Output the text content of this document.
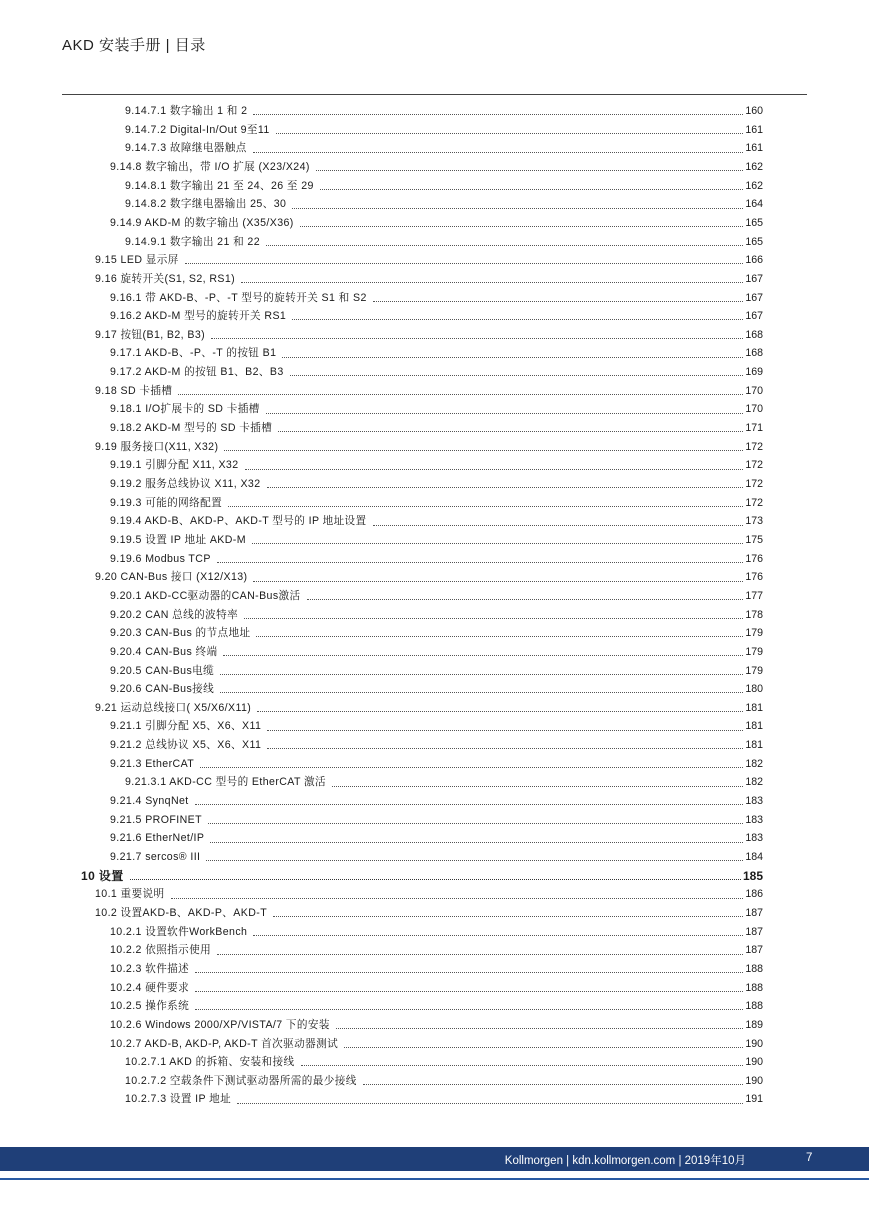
AKD 安装手册 | 目录
9.14.7.1 数字输出 1 和 2	160
9.14.7.2 Digital-In/Out 9至11	161
9.14.7.3 故障继电器触点	161
9.14.8 数字输出，带 I/O 扩展 (X23/X24)	162
9.14.8.1 数字输出 21 至 24、26 至 29	162
9.14.8.2 数字继电器输出 25、30	164
9.14.9 AKD-M 的数字输出 (X35/X36)	165
9.14.9.1 数字输出 21 和 22	165
9.15 LED 显示屏	166
9.16 旋转开关(S1, S2, RS1)	167
9.16.1 带 AKD-B、-P、-T 型号的旋转开关 S1 和 S2	167
9.16.2 AKD-M 型号的旋转开关 RS1	167
9.17 按钮(B1, B2, B3)	168
9.17.1 AKD-B、-P、-T 的按钮 B1	168
9.17.2 AKD-M 的按钮 B1、B2、B3	169
9.18 SD 卡插槽	170
9.18.1 I/O扩展卡的 SD 卡插槽	170
9.18.2 AKD-M 型号的 SD 卡插槽	171
9.19 服务接口(X11, X32)	172
9.19.1 引脚分配 X11, X32	172
9.19.2 服务总线协议 X11, X32	172
9.19.3 可能的网络配置	172
9.19.4 AKD-B、AKD-P、AKD-T 型号的 IP 地址设置	173
9.19.5 设置 IP 地址 AKD-M	175
9.19.6 Modbus TCP	176
9.20 CAN-Bus 接口 (X12/X13)	176
9.20.1 AKD-CC驱动器的CAN-Bus激活	177
9.20.2 CAN 总线的波特率	178
9.20.3 CAN-Bus 的节点地址	179
9.20.4 CAN-Bus 终端	179
9.20.5 CAN-Bus电缆	179
9.20.6 CAN-Bus接线	180
9.21 运动总线接口( X5/X6/X11)	181
9.21.1 引脚分配 X5、X6、X11	181
9.21.2 总线协议 X5、X6、X11	181
9.21.3 EtherCAT	182
9.21.3.1 AKD-CC 型号的 EtherCAT 激活	182
9.21.4 SynqNet	183
9.21.5 PROFINET	183
9.21.6 EtherNet/IP	183
9.21.7 sercos® III	184
10 设置	185
10.1 重要说明	186
10.2 设置AKD-B、AKD-P、AKD-T	187
10.2.1 设置软件WorkBench	187
10.2.2 依照指示使用	187
10.2.3 软件描述	188
10.2.4 硬件要求	188
10.2.5 操作系统	188
10.2.6 Windows 2000/XP/VISTA/7 下的安装	189
10.2.7 AKD-B, AKD-P, AKD-T 首次驱动器测试	190
10.2.7.1 AKD 的拆箱、安装和接线	190
10.2.7.2 空载条件下测试驱动器所需的最少接线	190
10.2.7.3 设置 IP 地址	191
Kollmorgen | kdn.kollmorgen.com | 2019年10月	7
